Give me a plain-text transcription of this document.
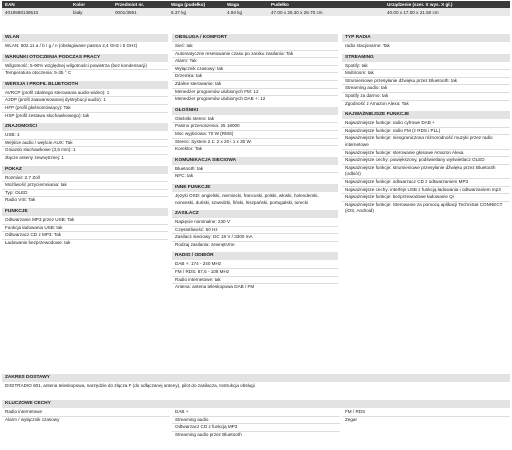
EAN	Kolor	Przedmiot nr.	Waga (pudełko)	Waga	Pudełko	Urządzenie (szer. X wys. X gł.)
4019588139510	biały	0001/3951	6.37 kg	4.94 kg	47.00 x 26.30 x 26.70 cm	40.00 x 17.00 x 21.50 cm
WLAN
WLAN: 802.11 a / b / g / n (obsługiwane pasma 2,4 GHz i 5 GHz)
WARUNKI OTOCZENIA PODCZAS PRACY
Wilgotność: 5-90% względnej wilgotności powietrza (bez kondensacji)
Temperatura otoczenia: 5-35 ° C
WERSJA I PROFIL BLUETOOTH
AVRCP (profil zdalnego sterowania audio-wideo): 1
A2DP (profil zaawansowanej dystrybucji audio): 1
HFP (profil głośnomówiący): Tak
HSP (profil zestawu słuchawkowego): tak
ZNAJOMOŚCI
USB: 1
Wejście audio / wejście AUX: Tak
Gniazdo słuchawkowe (3,5 mm): 1
złącze anteny zewnętrznej: 1
POKAZ
Rozmiar: 2.7 Zoll
Możliwość przyciemniania: tak
Typ: OLED
Radio VIS: Tak
FUNKCJE
Odtwarzanie MP3 przez USB: Tak
Funkcja ładowania USB: tak
Odtwarzacz CD z MP3: Tak
Ładowanie bezprzewodowe: tak
OBSŁUGA / KOMFORT
Sieć: tak
Automatyczne resetowanie czasu po zaniku zasilania: Tak
Alarm: Tak
Wyłącznik czasowy: tak
Drzemka: tak
Zdalne sterowanie: tak
Menedżer programów ulubionych FM: 12
Menedżer programów ulubionych DAB +: 12
GŁOŚNIKI
Głośniki stereo: tak
Pasmo przenoszenia: 25 18000
Moc wyjściowa: 70 W (RMS)
Stereo: System 2.1: 2 x 20 i 1 x 30 W.
Korektor: Tak
KOMUNIKACJA SIECIOWA
Bluetooth: tak
NFC: tak
INNE FUNKCJE
Języki OSD: angielski, niemiecki, francuski, polski, włoski, holenderski, norweski, duński, szwedzki, fiński, hiszpański, portugalski, turecki
ZASILACZ
Napięcie nominalne: 230 V
Częstotliwość: 50 Hz
Zasilacz sieciowy: DC 18 V / 3300 mA
Rodzaj zasilania: zewnętrzne
RADIO / ODBIÓR
DAB +: 174 - 240 MHz
FM / RDS: 87,5 - 108 MHz
Radio internetowe: tak
Antena: antena teleskopowa DAB / FM
TYP RADIA
radio stacjonarne: Tak
STREAMING
Spotify: tak
Multiroom: tak
Strumieniowe przesyłanie dźwięku przez Bluetooth: tak
Streaming audio: tak
Spotify za darmo: tak
Zgodność z Amazon Alexa: Tak
NAJWAŻNIEJSZE FUNKCJE
Najważniejsze funkcje: radio cyfrowe DAB +
Najważniejsze funkcje: radio FM (z RDS i PLL)
Najważniejsze funkcje: nieograniczona różnorodność muzyki przez radio internetowe
Najważniejsze funkcje: sterowanie głosowe Amazon Alexa
Najważniejsze cechy: powiększony, podświetlany wyświetlacz OLED
Najważniejsze funkcje: strumieniowe przesyłanie dźwięku przez Bluetooth (odbiór)
Najważniejsze funkcje: odtwarzacz CD z odtwarzaniem MP3
Najważniejsze cechy: interfejs USB z funkcją ładowania i odtwarzaniem mp3
Najważniejsze funkcje: bezprzewodowe ładowanie Qi
Najważniejsze funkcje: Sterowanie za pomocą aplikacji TechniSat CONNECT (iOS, Android)
ZAKRES DOSTAWY
DIGITRADIO 601, antena teleskopowa, narzędzie do złącza F (do odłączanej anteny), pilot do zasilacza, Instrukcja obsługi
KLUCZOWE CECHY
Radio internetowe
Alarm / wyłącznik czasowy
DAB +
Streaming audio
Odtwarzacz CD z funkcją MP3
Streaming audio przez Bluetooth
FM / RDS
Zegar
